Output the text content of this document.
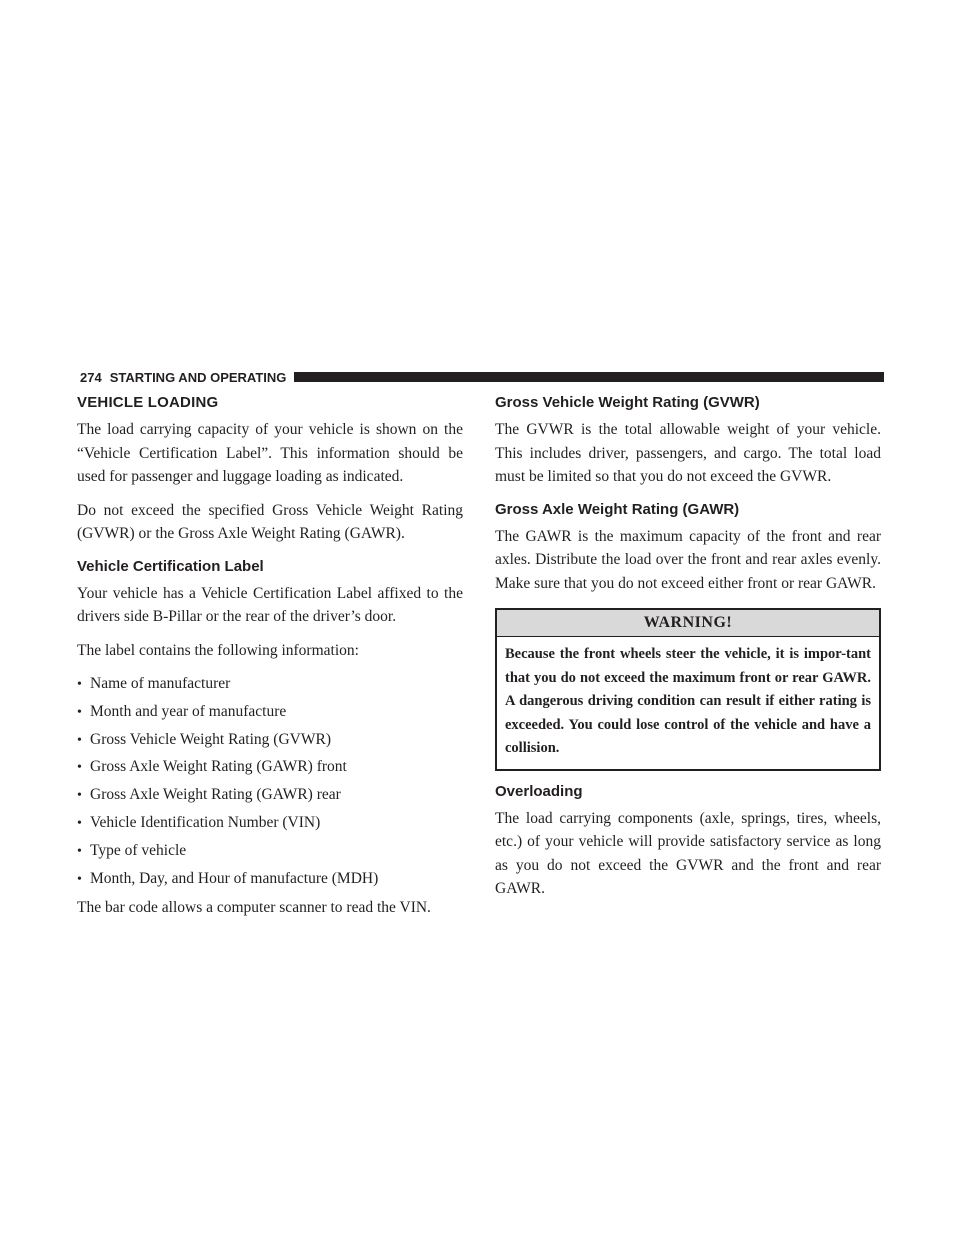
274 STARTING AND OPERATING
VEHICLE LOADING

The load carrying capacity of your vehicle is shown on the “Vehicle Certification Label”. This information should be used for passenger and luggage loading as indicated.

Do not exceed the specified Gross Vehicle Weight Rating (GVWR) or the Gross Axle Weight Rating (GAWR).

Vehicle Certification Label

Your vehicle has a Vehicle Certification Label affixed to the drivers side B-Pillar or the rear of the driver’s door.

The label contains the following information:

• Name of manufacturer
• Month and year of manufacture
• Gross Vehicle Weight Rating (GVWR)
• Gross Axle Weight Rating (GAWR) front
• Gross Axle Weight Rating (GAWR) rear
• Vehicle Identification Number (VIN)
• Type of vehicle
• Month, Day, and Hour of manufacture (MDH)

The bar code allows a computer scanner to read the VIN.

Gross Vehicle Weight Rating (GVWR)

The GVWR is the total allowable weight of your vehicle. This includes driver, passengers, and cargo. The total load must be limited so that you do not exceed the GVWR.

Gross Axle Weight Rating (GAWR)

The GAWR is the maximum capacity of the front and rear axles. Distribute the load over the front and rear axles evenly. Make sure that you do not exceed either front or rear GAWR.

WARNING!
Because the front wheels steer the vehicle, it is impor-tant that you do not exceed the maximum front or rear GAWR. A dangerous driving condition can result if either rating is exceeded. You could lose control of the vehicle and have a collision.
Overloading

The load carrying components (axle, springs, tires, wheels, etc.) of your vehicle will provide satisfactory service as long as you do not exceed the GVWR and the front and rear GAWR.
